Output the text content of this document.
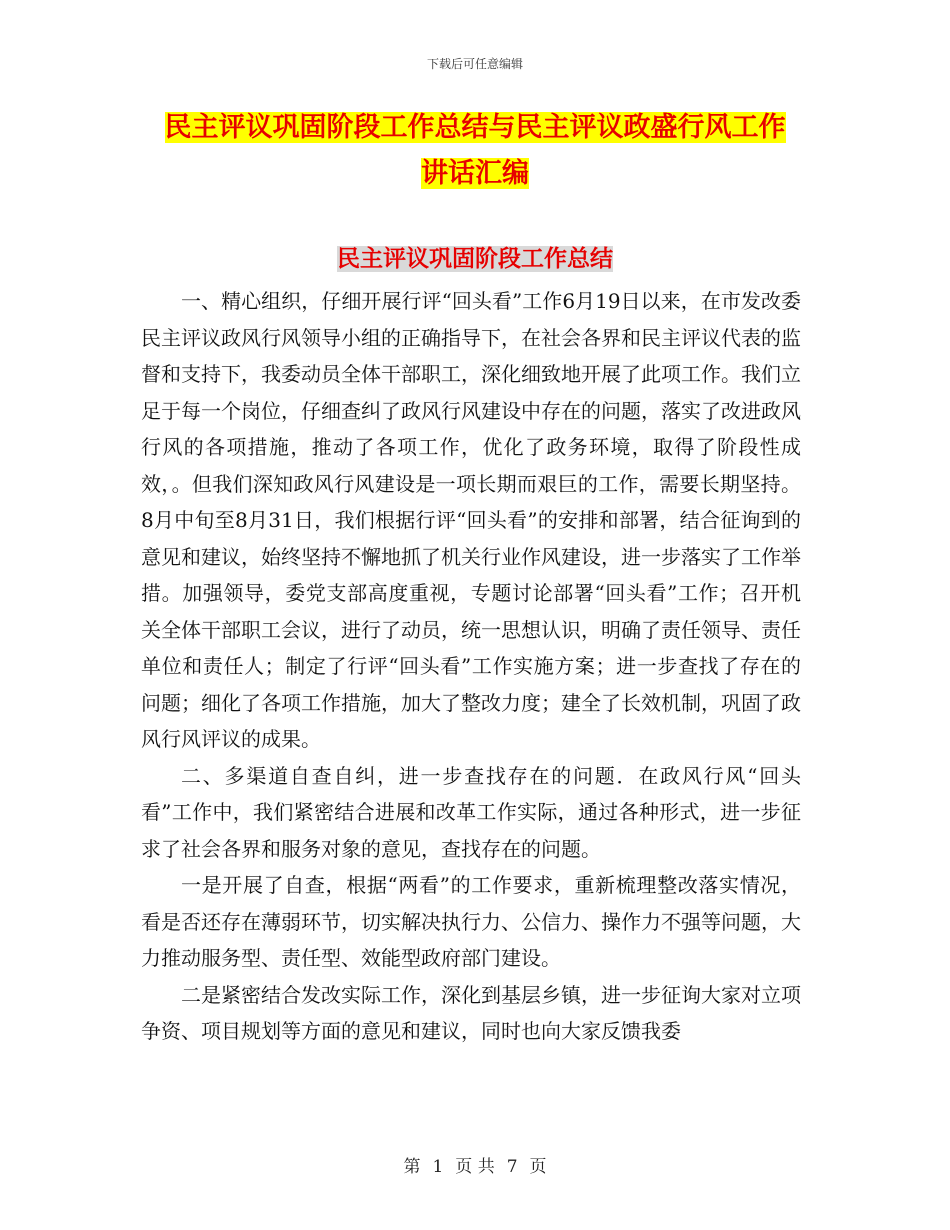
下载后可任意编辑
民主评议巩固阶段工作总结与民主评议政盛行风工作
讲话汇编
民主评议巩固阶段工作总结

一、精心组织，仔细开展行评“回头看”工作6月19日以来，在市发改委民主评议政风行风领导小组的正确指导下，在社会各界和民主评议代表的监督和支持下，我委动员全体干部职工，深化细致地开展了此项工作。我们立足于每一个岗位，仔细查纠了政风行风建设中存在的问题，落实了改进政风行风的各项措施，推动了各项工作，优化了政务环境，取得了阶段性成效，。但我们深知政风行风建设是一项长期而艰巨的工作，需要长期坚持。8月中旬至8月31日，我们根据行评“回头看”的安排和部署，结合征询到的意见和建议，始终坚持不懈地抓了机关行业作风建设，进一步落实了工作举措。加强领导，委党支部高度重视，专题讨论部署“回头看”工作；召开机关全体干部职工会议，进行了动员，统一思想认识，明确了责任领导、责任单位和责任人；制定了行评“回头看”工作实施方案；进一步查找了存在的问题；细化了各项工作措施，加大了整改力度；建全了长效机制，巩固了政风行风评议的成果。

二、多渠道自查自纠，进一步查找存在的问题．在政风行风“回头看”工作中，我们紧密结合进展和改革工作实际，通过各种形式，进一步征求了社会各界和服务对象的意见，查找存在的问题。

一是开展了自查，根据“两看”的工作要求，重新梳理整改落实情况，看是否还存在薄弱环节，切实解决执行力、公信力、操作力不强等问题，大力推动服务型、责任型、效能型政府部门建设。

二是紧密结合发改实际工作，深化到基层乡镇，进一步征询大家对立项争资、项目规划等方面的意见和建议，同时也向大家反馈我委

第 1 页 共 7 页
